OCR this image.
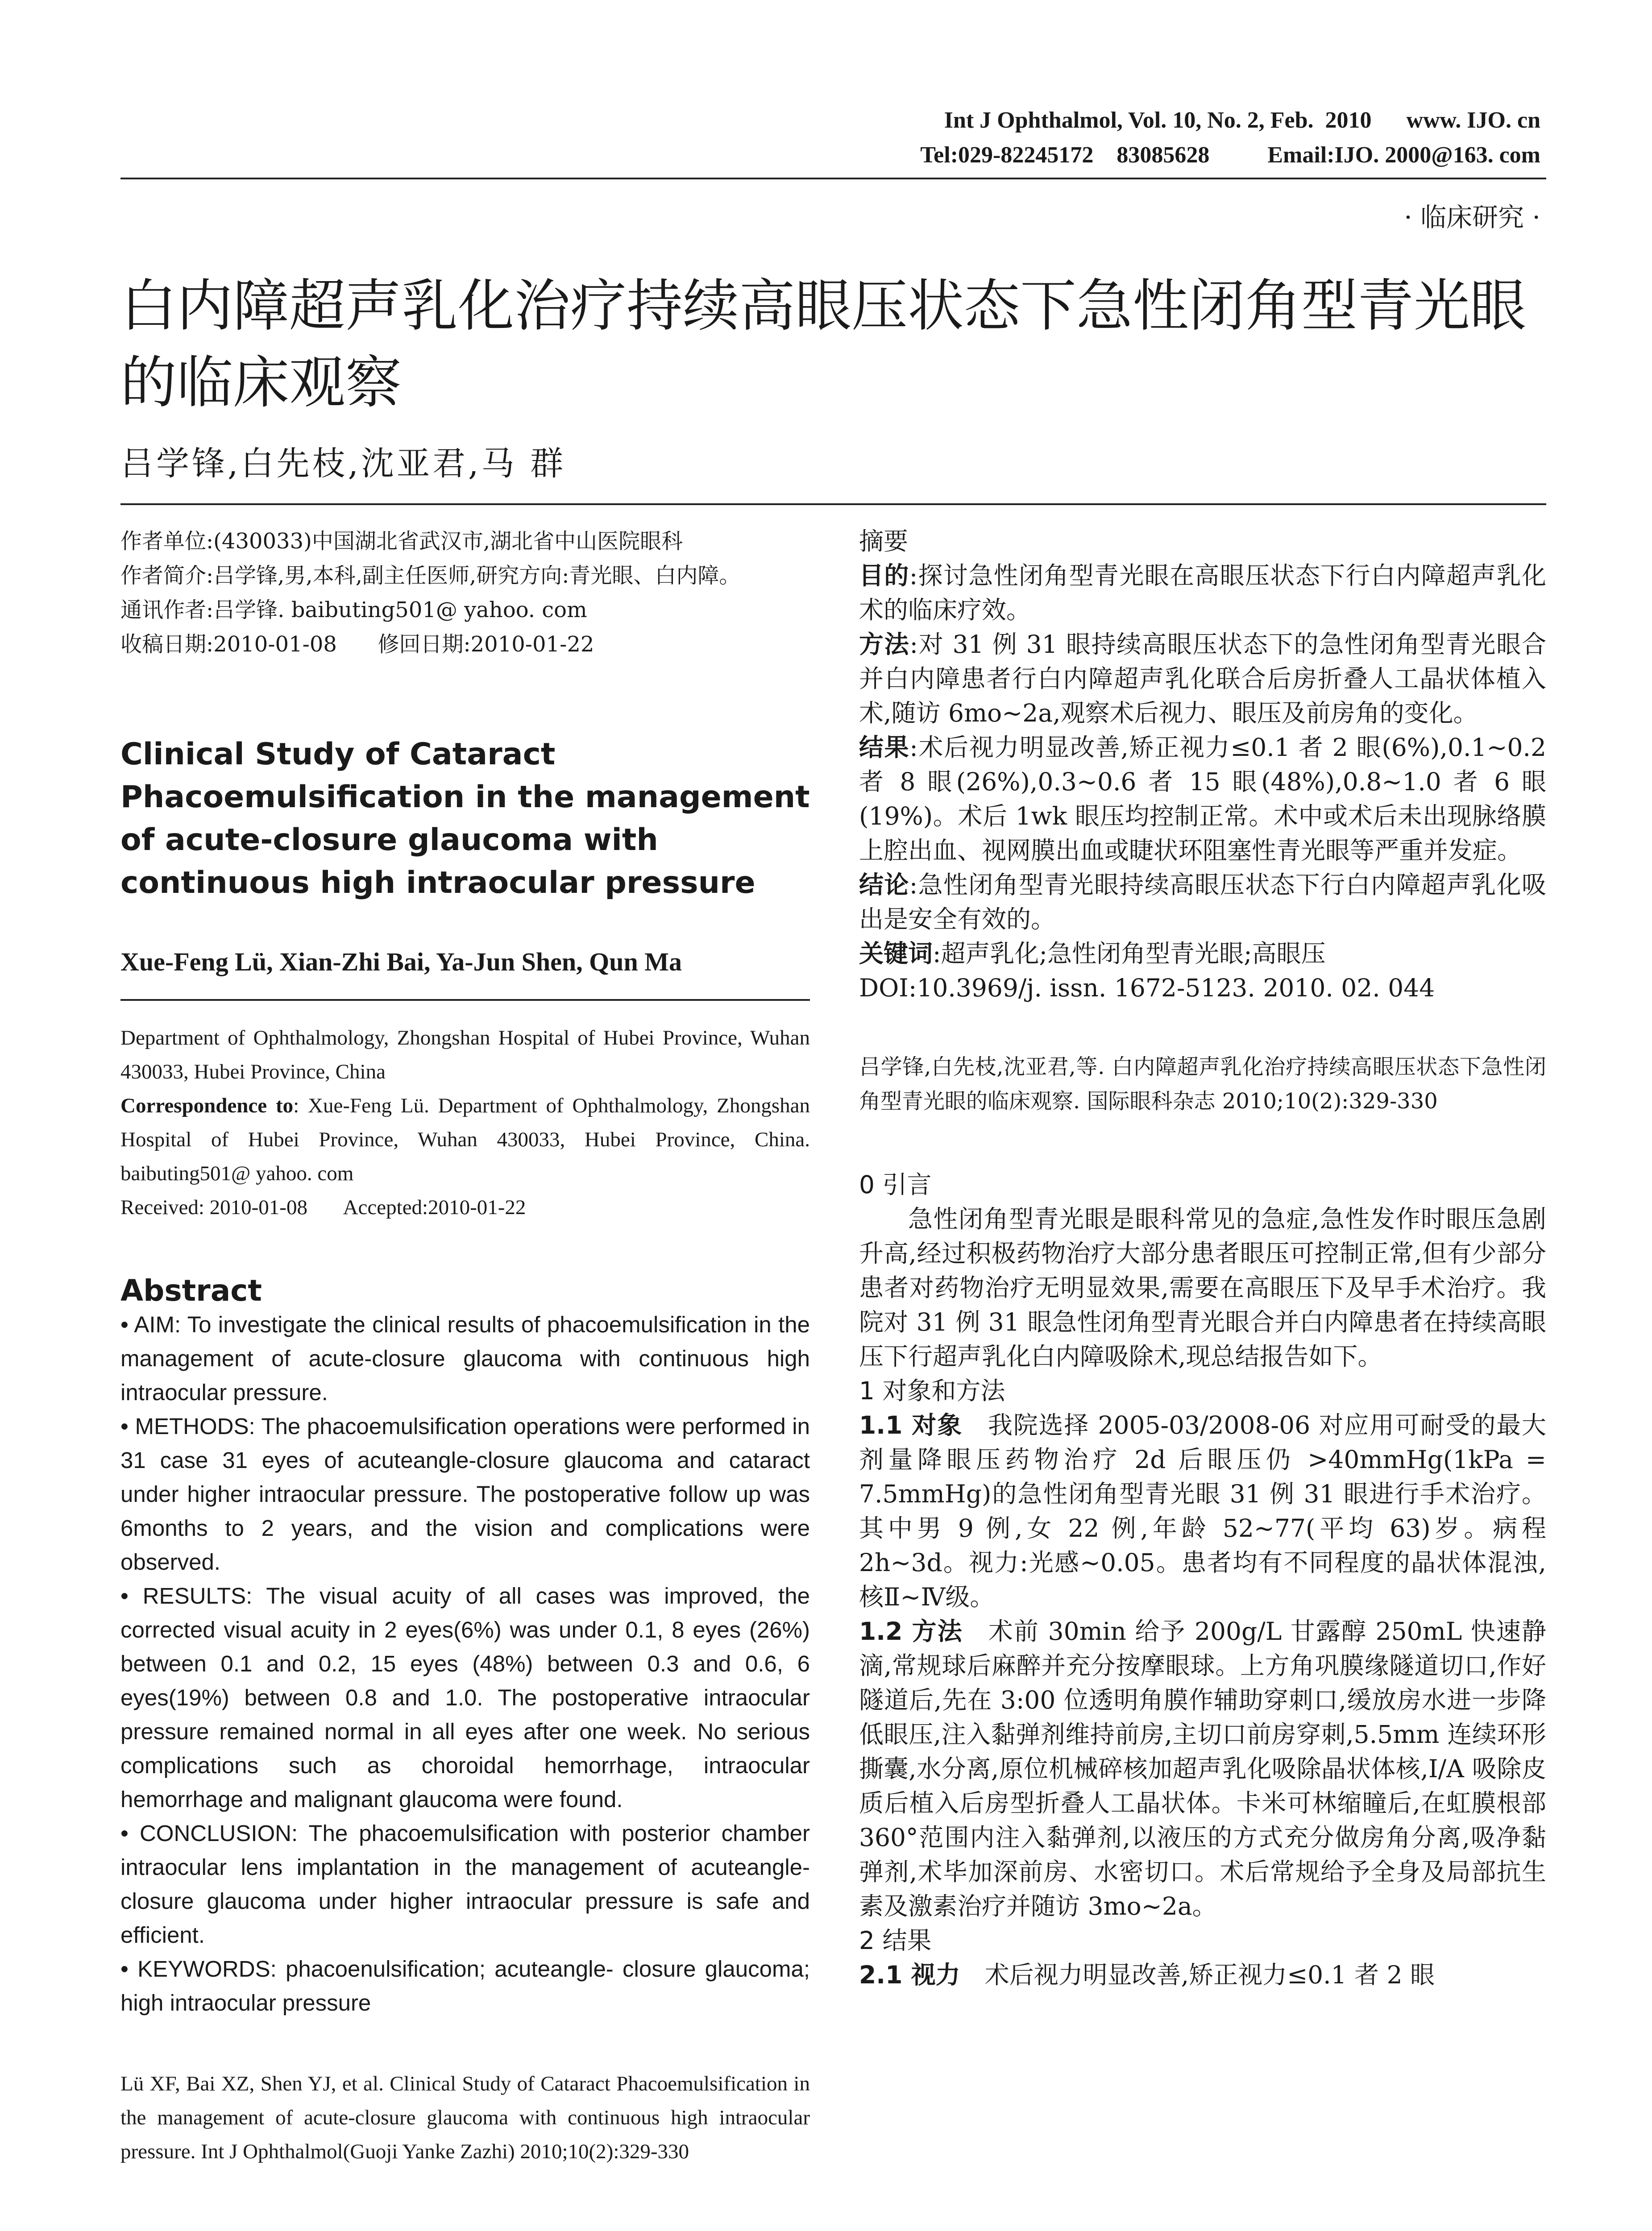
Int J Ophthalmol, Vol. 10, No. 2, Feb.  2010      www. IJO. cn
Tel:029-82245172    83085628          Email:IJO. 2000@163. com
· 临床研究 ·
白内障超声乳化治疗持续高眼压状态下急性闭角型青光眼的临床观察
吕学锋,白先枝,沈亚君,马 群

作者单位:(430033)中国湖北省武汉市,湖北省中山医院眼科

作者简介:吕学锋,男,本科,副主任医师,研究方向:青光眼、白内障。

通讯作者:吕学锋. baibuting501@ yahoo. com

收稿日期:2010-01-08      修回日期:2010-01-22

Clinical Study of Cataract Phacoemulsification in the management of acute-closure glaucoma with continuous high intraocular pressure
Xue-Feng Lü, Xian-Zhi Bai, Ya-Jun Shen, Qun Ma

Department of Ophthalmology, Zhongshan Hospital of Hubei Province, Wuhan 430033, Hubei Province, China

Correspondence to: Xue-Feng Lü. Department of Ophthalmology, Zhongshan Hospital of Hubei Province, Wuhan 430033, Hubei Province, China. baibuting501@ yahoo. com

Received: 2010-01-08       Accepted:2010-01-22

Abstract

• AIM: To investigate the clinical results of phacoemulsification in the management of acute-closure glaucoma with continuous high intraocular pressure.

• METHODS: The phacoemulsification operations were performed in 31 case 31 eyes of acuteangle-closure glaucoma and cataract under higher intraocular pressure. The postoperative follow up was 6months to 2 years, and the vision and complications were observed.

• RESULTS: The visual acuity of all cases was improved, the corrected visual acuity in 2 eyes(6%) was under 0.1, 8 eyes (26%) between 0.1 and 0.2, 15 eyes (48%) between 0.3 and 0.6, 6 eyes(19%) between 0.8 and 1.0. The postoperative intraocular pressure remained normal in all eyes after one week. No serious complications such as choroidal hemorrhage, intraocular hemorrhage and malignant glaucoma were found.

• CONCLUSION: The phacoemulsification with posterior chamber intraocular lens implantation in the management of acuteangle-closure glaucoma under higher intraocular pressure is safe and efficient.

• KEYWORDS: phacoenulsification; acuteangle- closure glaucoma; high intraocular pressure

Lü XF, Bai XZ, Shen YJ, et al. Clinical Study of Cataract Phacoemulsification in the management of acute-closure glaucoma with continuous high intraocular pressure. Int J Ophthalmol(Guoji Yanke Zazhi) 2010;10(2):329-330

摘要

目的:探讨急性闭角型青光眼在高眼压状态下行白内障超声乳化术的临床疗效。

方法:对 31 例 31 眼持续高眼压状态下的急性闭角型青光眼合并白内障患者行白内障超声乳化联合后房折叠人工晶状体植入术,随访 6mo~2a,观察术后视力、眼压及前房角的变化。

结果:术后视力明显改善,矫正视力≤0.1 者 2 眼(6%),0.1~0.2 者 8 眼(26%),0.3~0.6 者 15 眼(48%),0.8~1.0 者 6 眼(19%)。术后 1wk 眼压均控制正常。术中或术后未出现脉络膜上腔出血、视网膜出血或睫状环阻塞性青光眼等严重并发症。

结论:急性闭角型青光眼持续高眼压状态下行白内障超声乳化吸出是安全有效的。

关键词:超声乳化;急性闭角型青光眼;高眼压

DOI:10.3969/j. issn. 1672-5123. 2010. 02. 044

吕学锋,白先枝,沈亚君,等. 白内障超声乳化治疗持续高眼压状态下急性闭角型青光眼的临床观察. 国际眼科杂志 2010;10(2):329-330

0 引言

急性闭角型青光眼是眼科常见的急症,急性发作时眼压急剧升高,经过积极药物治疗大部分患者眼压可控制正常,但有少部分患者对药物治疗无明显效果,需要在高眼压下及早手术治疗。我院对 31 例 31 眼急性闭角型青光眼合并白内障患者在持续高眼压下行超声乳化白内障吸除术,现总结报告如下。

1 对象和方法

1.1 对象 我院选择 2005-03/2008-06 对应用可耐受的最大剂量降眼压药物治疗 2d 后眼压仍 >40mmHg(1kPa = 7.5mmHg)的急性闭角型青光眼 31 例 31 眼进行手术治疗。其中男 9 例,女 22 例,年龄 52~77(平均 63)岁。病程 2h~3d。视力:光感~0.05。患者均有不同程度的晶状体混浊,核Ⅱ~Ⅳ级。

1.2 方法 术前 30min 给予 200g/L 甘露醇 250mL 快速静滴,常规球后麻醉并充分按摩眼球。上方角巩膜缘隧道切口,作好隧道后,先在 3:00 位透明角膜作辅助穿刺口,缓放房水进一步降低眼压,注入黏弹剂维持前房,主切口前房穿刺,5.5mm 连续环形撕囊,水分离,原位机械碎核加超声乳化吸除晶状体核,I/A 吸除皮质后植入后房型折叠人工晶状体。卡米可林缩瞳后,在虹膜根部 360°范围内注入黏弹剂,以液压的方式充分做房角分离,吸净黏弹剂,术毕加深前房、水密切口。术后常规给予全身及局部抗生素及激素治疗并随访 3mo~2a。

2 结果

2.1 视力 术后视力明显改善,矫正视力≤0.1 者 2 眼
